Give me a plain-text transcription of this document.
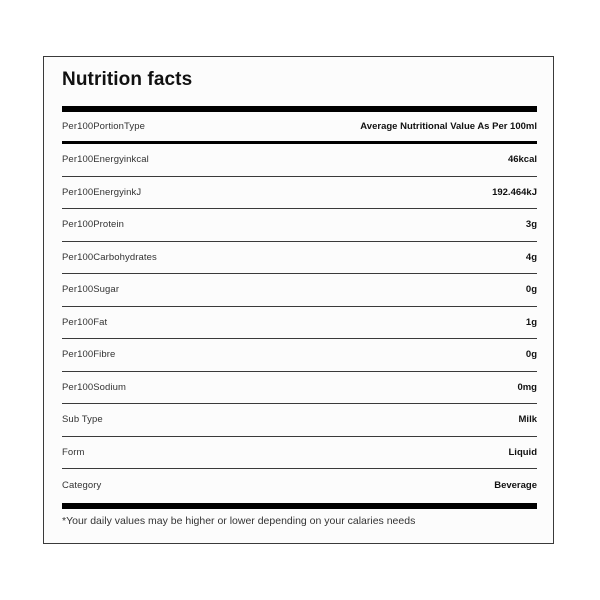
Nutrition facts
Per100PortionType	Average Nutritional Value As Per 100ml
Per100Energyinkcal	46kcal
Per100EnergyinkJ	192.464kJ
Per100Protein	3g
Per100Carbohydrates	4g
Per100Sugar	0g
Per100Fat	1g
Per100Fibre	0g
Per100Sodium	0mg
Sub Type	Milk
Form	Liquid
Category	Beverage
*Your daily values may be higher or lower depending on your calaries needs
